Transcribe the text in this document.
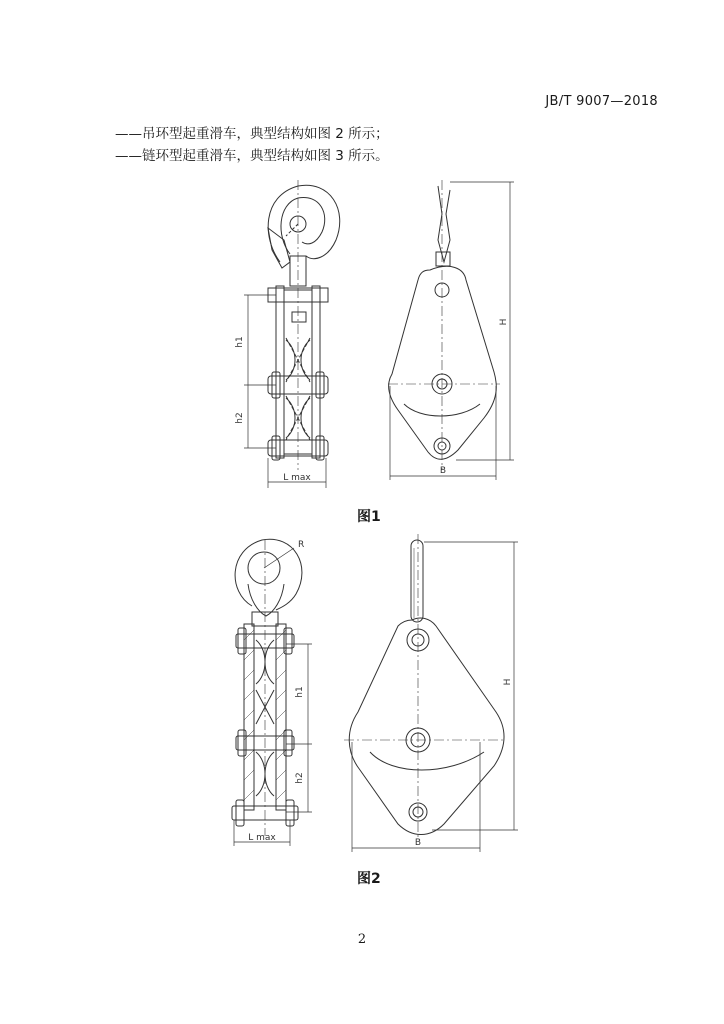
JB/T 9007—2018
——吊环型起重滑车，典型结构如图 2 所示；
——链环型起重滑车，典型结构如图 3 所示。
h1
h2
L max
H
B
图1
R
h1
h2
L max
H
B
图2
2
